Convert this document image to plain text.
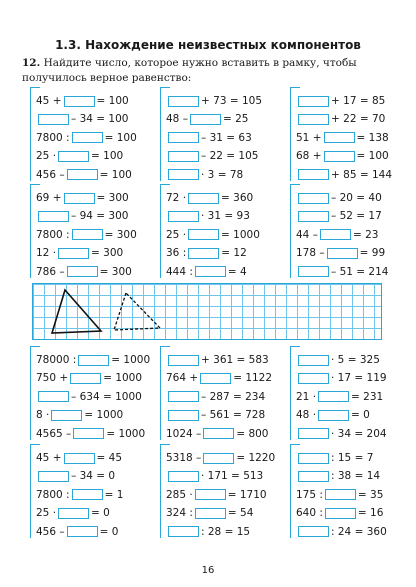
1.3. Нахождение неизвестных компонентов
12. Найдите число, которое нужно вставить в рамку, чтобы получилось верное равенство:
45 +	= 100
– 34 = 100
7800 :	= 100
25 ·	= 100
456 –	= 100
+ 73 = 105
48 –	= 25
– 31 = 63
– 22 = 105
· 3 = 78
+ 17 = 85
+ 22 = 70
51 +	= 138
68 +	= 100
+ 85 = 144
69 +	= 300
– 94 = 300
7800 :	= 300
12 ·	= 300
786 –	= 300
72 ·	= 360
· 31 = 93
25 ·	= 1000
36 :	= 12
444 :	= 4
– 20 = 40
– 52 = 17
44 –	= 23
178 –	= 99
– 51 = 214
78000 :	= 1000
750 +	= 1000
– 634 = 1000
8 ·	= 1000
4565 –	= 1000
+ 361 = 583
764 +	= 1122
– 287 = 234
– 561 = 728
1024 –	= 800
· 5 = 325
· 17 = 119
21 ·	= 231
48 ·	= 0
· 34 = 204
45 +	= 45
– 34 = 0
7800 :	= 1
25 ·	= 0
456 –	= 0
5318 –	= 1220
· 171 = 513
285 ·	= 1710
324 :	= 54
: 28 = 15
: 15 = 7
: 38 = 14
175 :	= 35
640 :	= 16
: 24 = 360
16
